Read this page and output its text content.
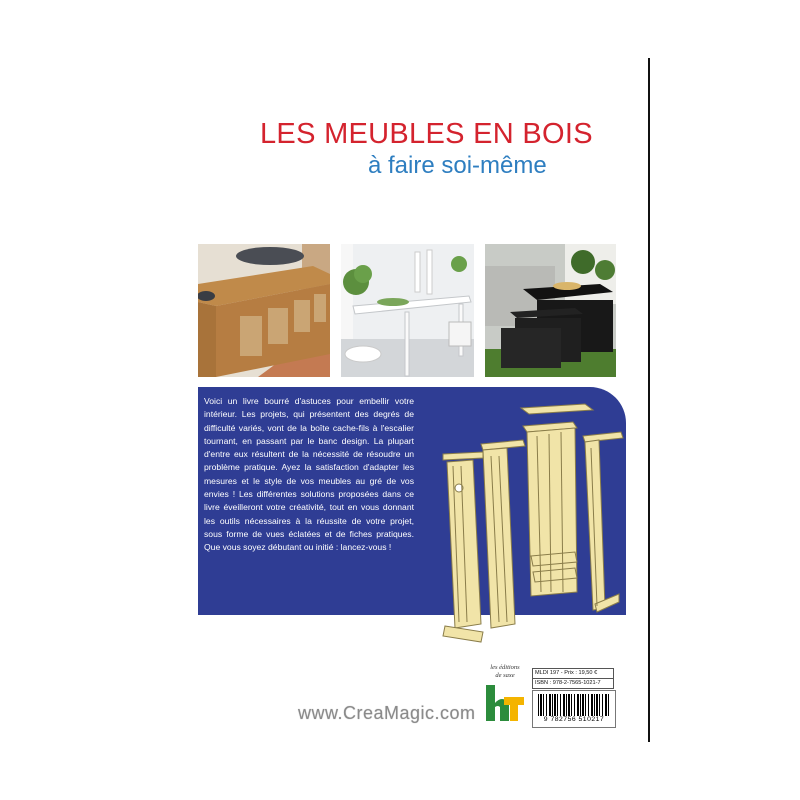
LES MEUBLES EN BOIS
à faire soi-même

Voici un livre bourré d'astuces pour embellir votre intérieur. Les projets, qui présentent des degrés de difficulté variés, vont de la boîte cache-fils à l'escalier tournant, en passant par le banc design. La plupart d'entre eux résultent de la nécessité de résoudre un problème pratique. Ayez la satisfaction d'adapter les mesures et le style de vos meubles au gré de vos envies ! Les différentes solutions proposées dans ce livre éveilleront votre créativité, tout en vous donnant les outils nécessaires à la réussite de votre projet, sous forme de vues éclatées et de fiches pratiques. Que vous soyez débutant ou initié : lancez-vous !

les éditions
de saxe
www.CreaMagic.com
MLDI 197 - Prix : 19,50 €
ISBN : 978-2-7565-1021-7
9 782756 510217
